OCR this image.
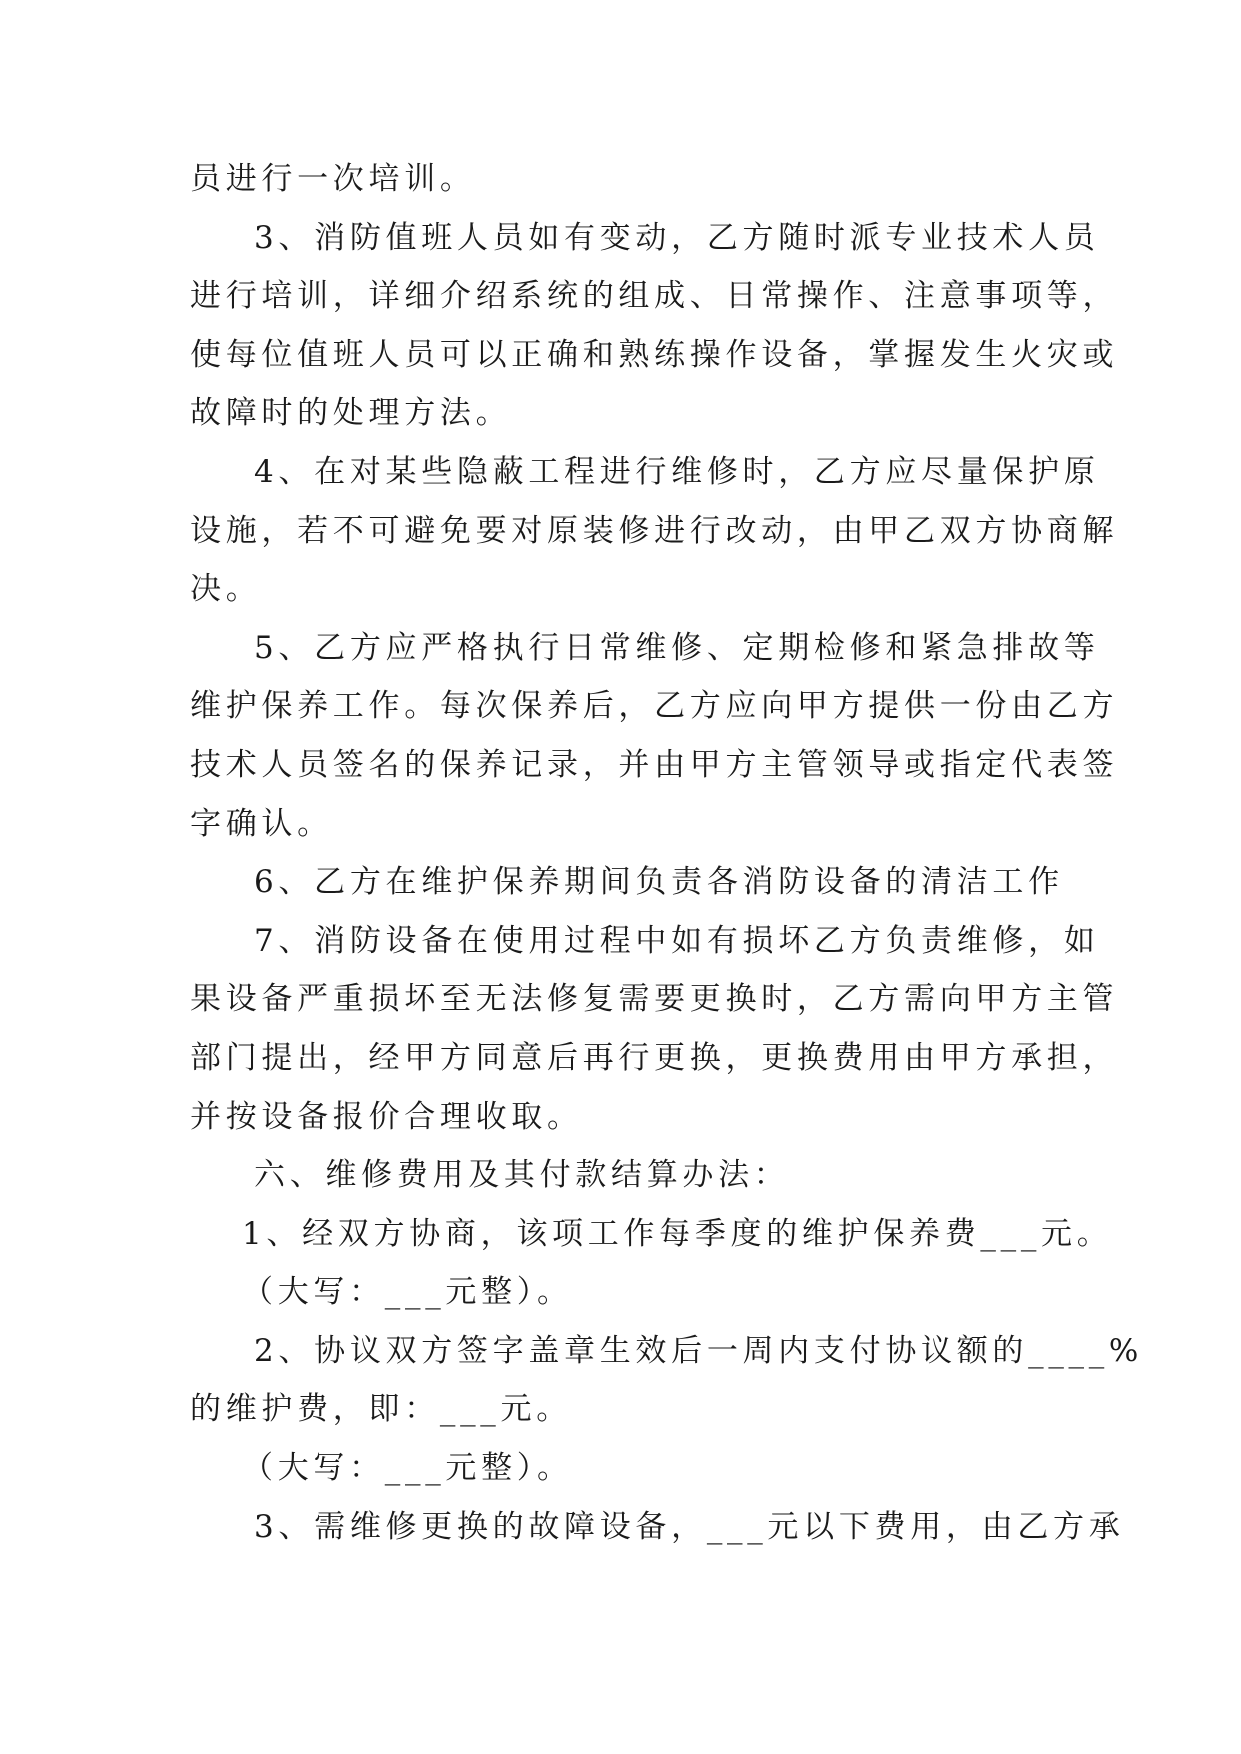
员进行一次培训。
3、消防值班人员如有变动，乙方随时派专业技术人员
进行培训，详细介绍系统的组成、日常操作、注意事项等，
使每位值班人员可以正确和熟练操作设备，掌握发生火灾或
故障时的处理方法。
4、在对某些隐蔽工程进行维修时，乙方应尽量保护原
设施，若不可避免要对原装修进行改动，由甲乙双方协商解
决。
5、乙方应严格执行日常维修、定期检修和紧急排故等
维护保养工作。每次保养后，乙方应向甲方提供一份由乙方
技术人员签名的保养记录，并由甲方主管领导或指定代表签
字确认。
6、乙方在维护保养期间负责各消防设备的清洁工作
7、消防设备在使用过程中如有损坏乙方负责维修，如
果设备严重损坏至无法修复需要更换时，乙方需向甲方主管
部门提出，经甲方同意后再行更换，更换费用由甲方承担，
并按设备报价合理收取。
六、维修费用及其付款结算办法：
1、经双方协商，该项工作每季度的维护保养费___元。
（大写：___元整）。
2、协议双方签字盖章生效后一周内支付协议额的____%
的维护费，即：___元。
（大写：___元整）。
3、需维修更换的故障设备，___元以下费用，由乙方承
